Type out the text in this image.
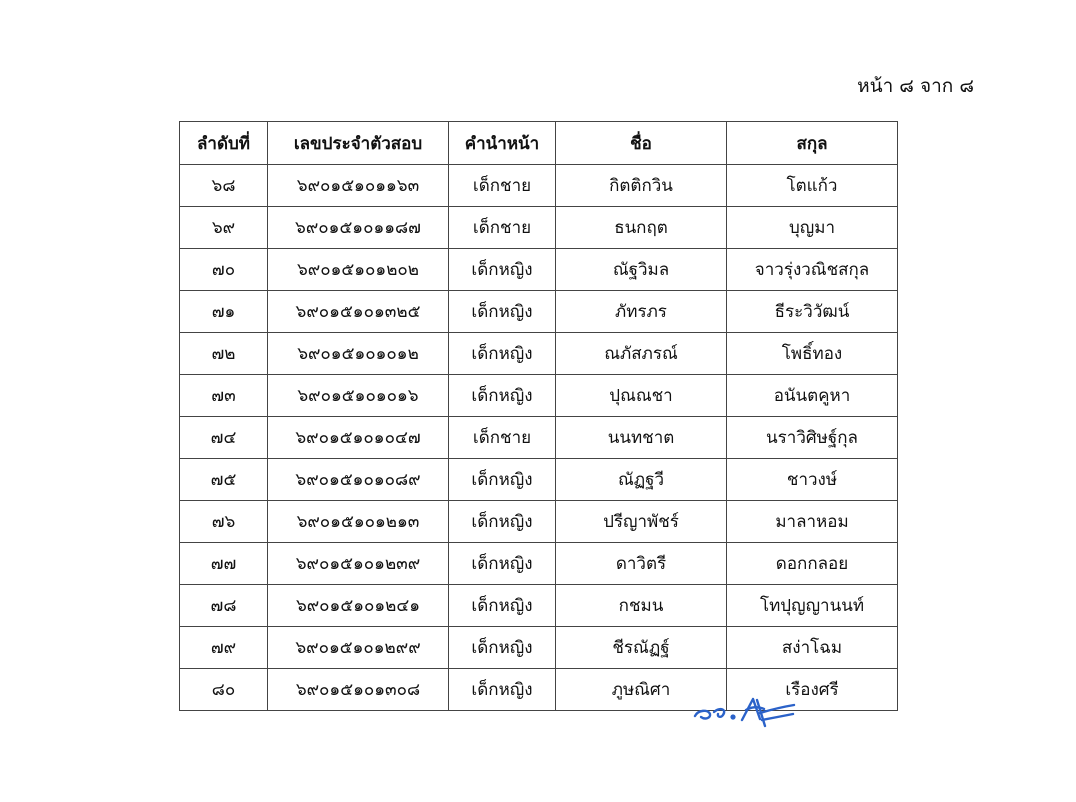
หน้า ๘ จาก ๘
ลำดับที่	เลขประจำตัวสอบ	คำนำหน้า	ชื่อ	สกุล
๖๘	๖๙๐๑๕๑๐๑๑๖๓	เด็กชาย	กิตติกวิน	โตแก้ว
๖๙	๖๙๐๑๕๑๐๑๑๘๗	เด็กชาย	ธนกฤต	บุญมา
๗๐	๖๙๐๑๕๑๐๑๒๐๒	เด็กหญิง	ณัฐวิมล	จาวรุ่งวณิชสกุล
๗๑	๖๙๐๑๕๑๐๑๓๒๕	เด็กหญิง	ภัทรภร	ธีระวิวัฒน์
๗๒	๖๙๐๑๕๑๐๑๐๑๒	เด็กหญิง	ณภัสภรณ์	โพธิ์ทอง
๗๓	๖๙๐๑๕๑๐๑๐๑๖	เด็กหญิง	ปุณณชา	อนันตคูหา
๗๔	๖๙๐๑๕๑๐๑๐๔๗	เด็กชาย	นนทชาต	นราวิศิษฐ์กุล
๗๕	๖๙๐๑๕๑๐๑๐๘๙	เด็กหญิง	ณัฏฐวี	ชาวงษ์
๗๖	๖๙๐๑๕๑๐๑๒๑๓	เด็กหญิง	ปรีญาพัชร์	มาลาหอม
๗๗	๖๙๐๑๕๑๐๑๒๓๙	เด็กหญิง	ดาวิตรี	ดอกกลอย
๗๘	๖๙๐๑๕๑๐๑๒๔๑	เด็กหญิง	กชมน	โทปุญญานนท์
๗๙	๖๙๐๑๕๑๐๑๒๙๙	เด็กหญิง	ชีรณัฏฐ์	สง่าโฉม
๘๐	๖๙๐๑๕๑๐๑๓๐๘	เด็กหญิง	ภูษณิศา	เรืองศรี
